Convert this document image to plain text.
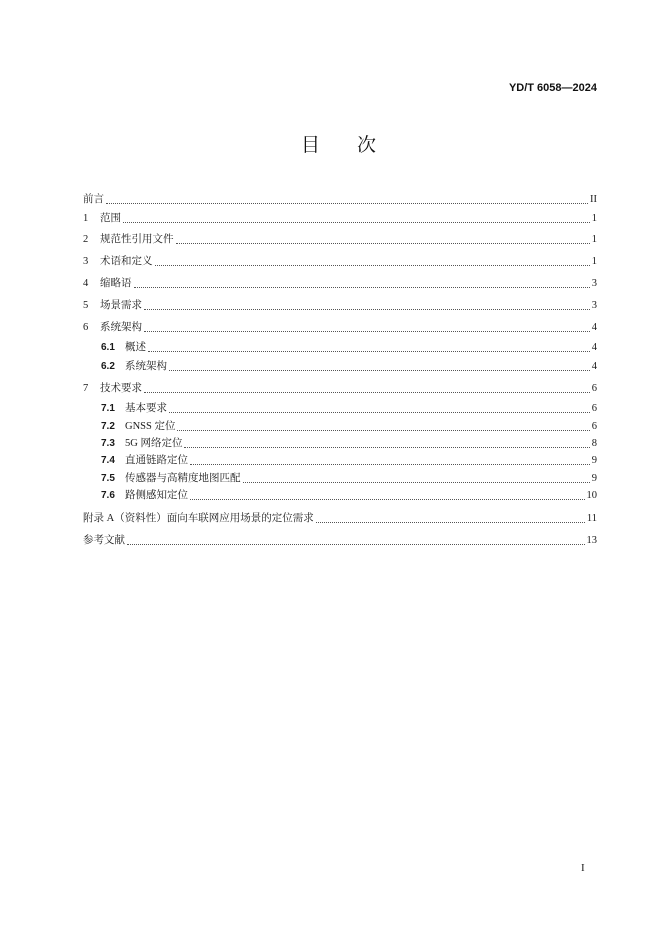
YD/T 6058—2024
目　次
前言	II
1	范围	1
2	规范性引用文件	1
3	术语和定义	1
4	缩略语	3
5	场景需求	3
6	系统架构	4
6.1 概述	4
6.2 系统架构	4
7	技术要求	6
7.1 基本要求	6
7.2 GNSS 定位	6
7.3 5G 网络定位	8
7.4 直通链路定位	9
7.5 传感器与高精度地图匹配	9
7.6 路侧感知定位	10
附录 A（资料性）面向车联网应用场景的定位需求	11
参考文献	13
I
